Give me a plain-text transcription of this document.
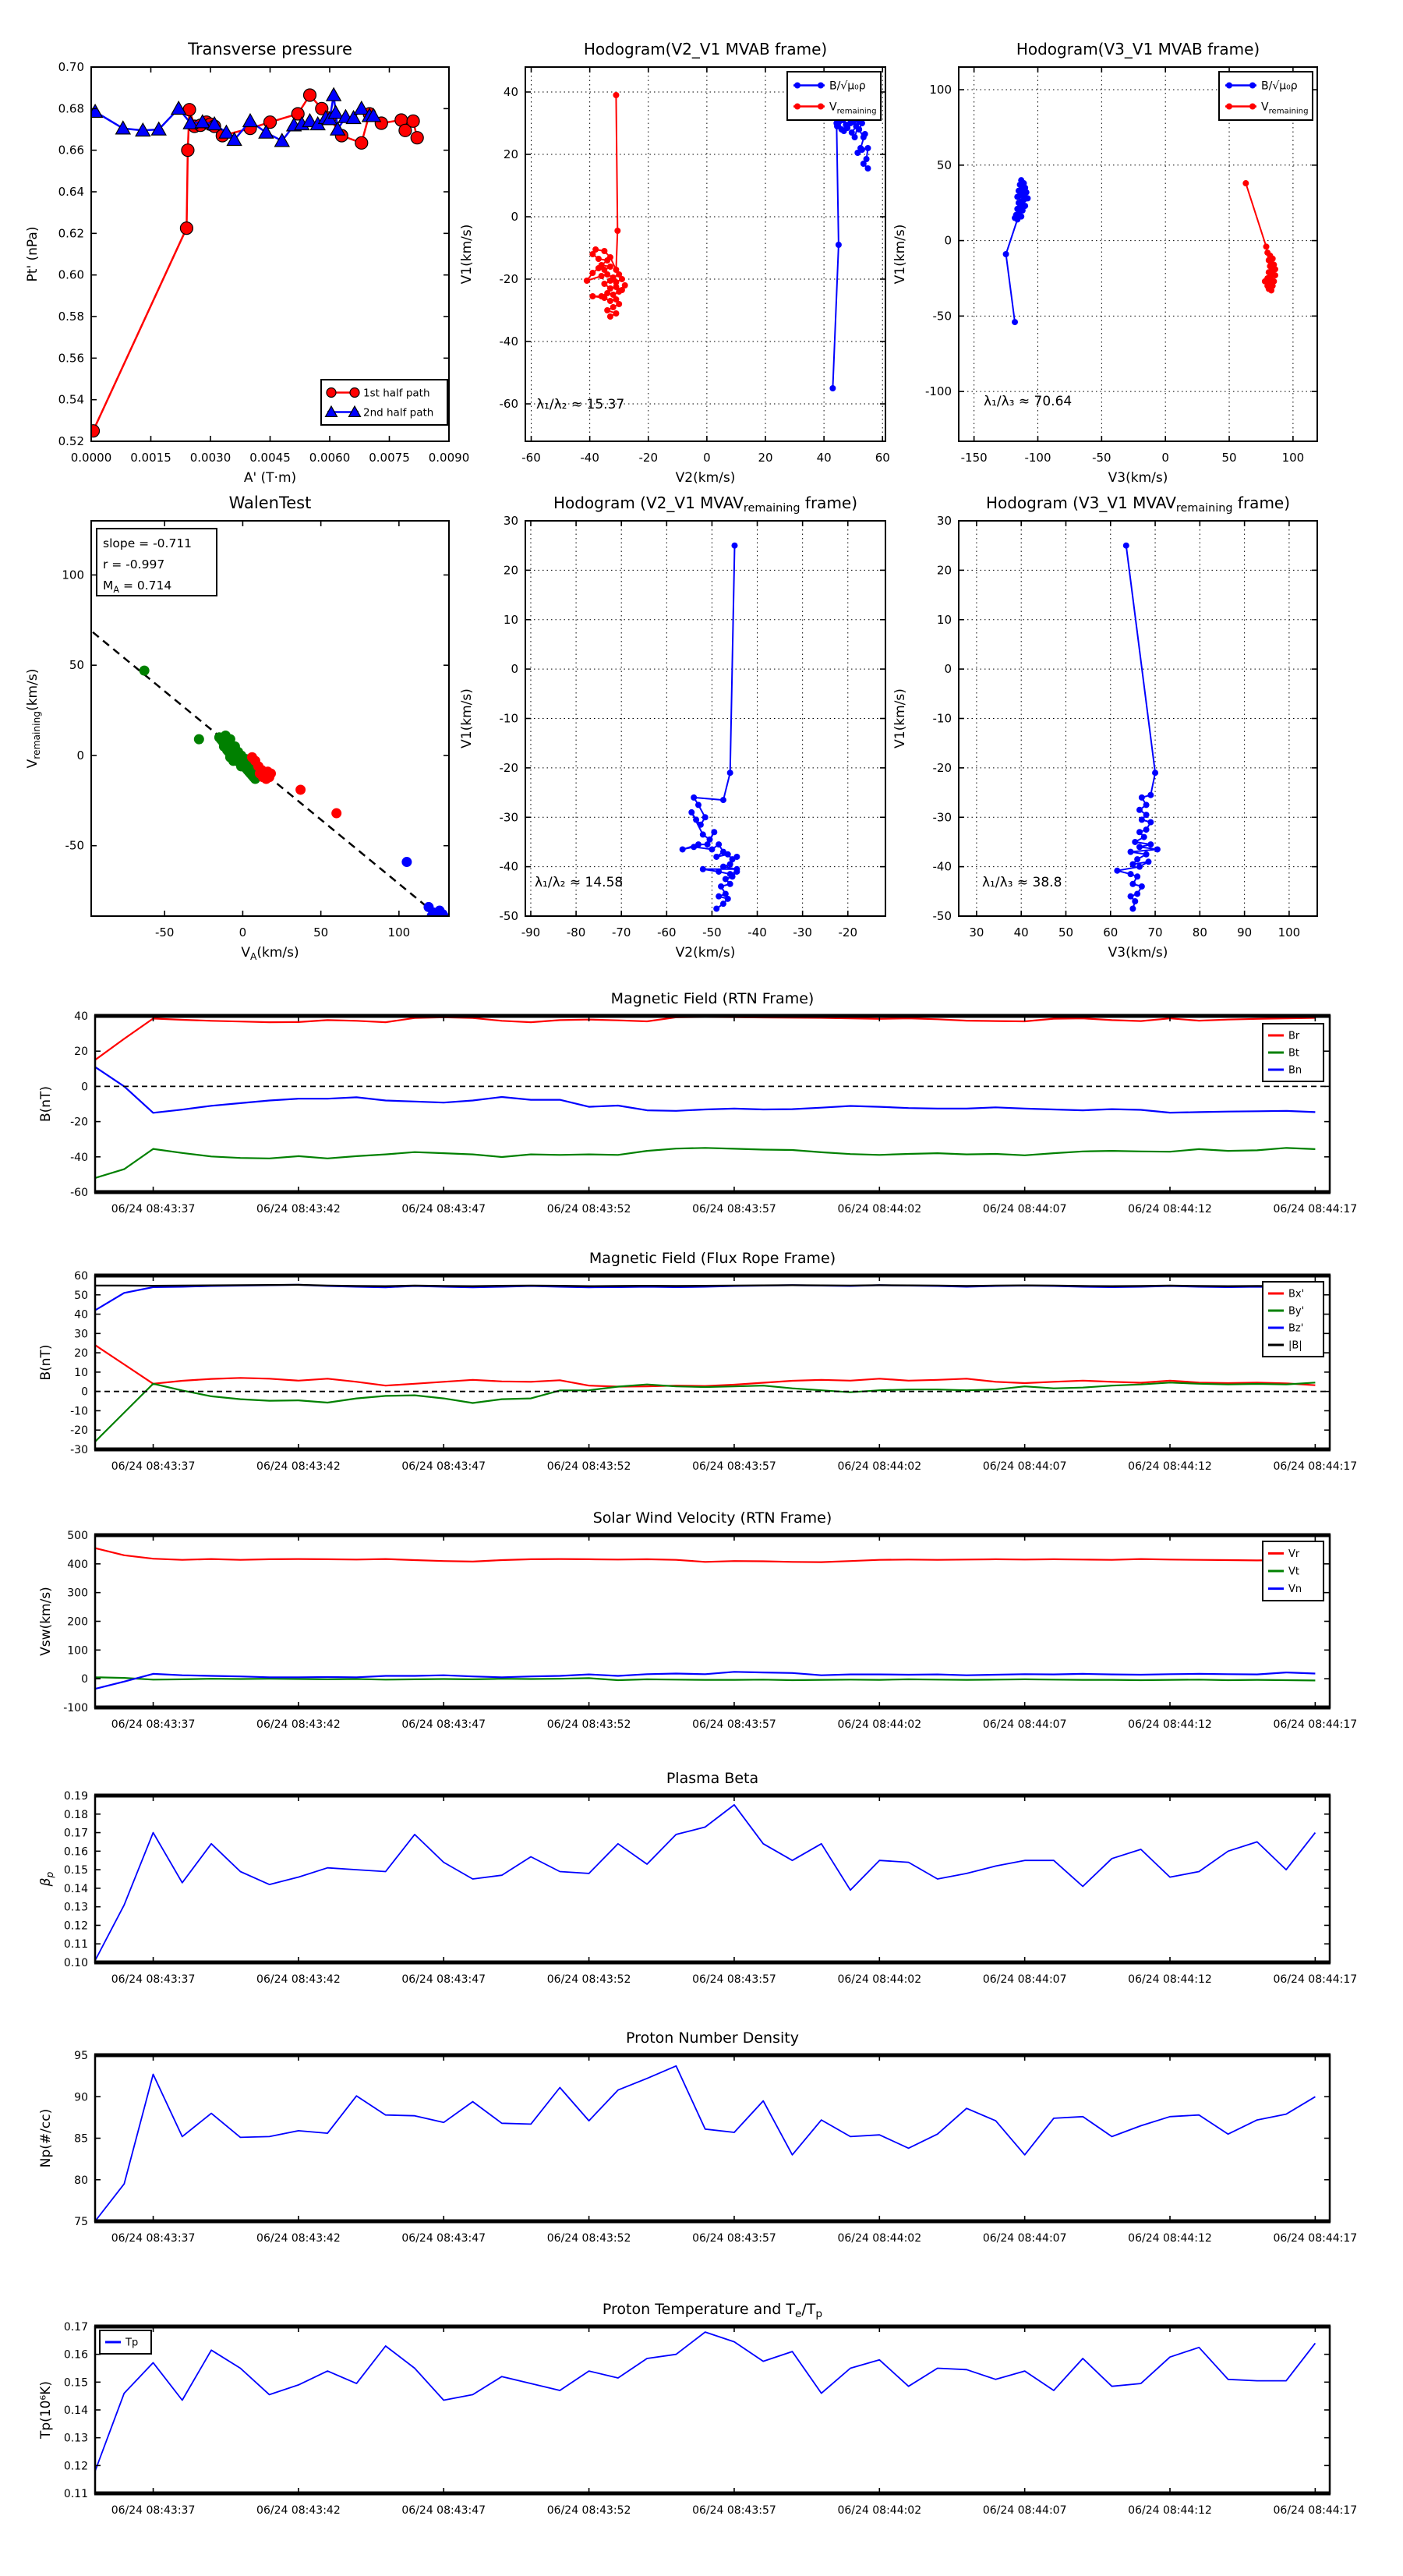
0.0000 0.0015 0.0030 0.0045 0.0060 0.0075 0.0090
0.52
0.54
0.56
0.58
0.60
0.62
0.64
0.66
0.68
0.70
Transverse pressure
A' (T·m)
Pt' (nPa)
1st half path
2nd half path
-60	-40	-20	0	20	40	60
-60
-40
-20
0
20
40
Hodogram(V2_V1 MVAB frame)
V2(km/s)
V1(km/s)
λ₁/λ₂ ≈ 15.37
B/√μ₀ρ
$V_{remaining}$
-150	-100	-50	0	50	100
-100
-50
0
50
100
Hodogram(V3_V1 MVAB frame)
V3(km/s)
V1(km/s)
λ₁/λ₃ ≈ 70.64
B/√μ₀ρ
$V_{remaining}$
-50	0	50	100
-50
0
50
100
WalenTest
$V_A(km/s)$
$V_{remaining}(km/s)$
slope = -0.711
r = -0.997
$M_A = 0.714$
-90 -80 -70 -60 -50 -40 -30 -20
-50
-40
-30
-20
-10
0
10
20
30
Hodogram (V2_V1 $MVAV_{remaining}$ frame)
V2(km/s)
V1(km/s)
λ₁/λ₂ ≈ 14.58
30	40	50	60	70	80	90 100
-50
-40
-30
-20
-10
0
10
20
30
Hodogram (V3_V1 $MVAV_{remaining}$ frame)
V3(km/s)
V1(km/s)
λ₁/λ₃ ≈ 38.8
06/24 08:43:37	06/24 08:43:42	06/24 08:43:47	06/24 08:43:52	06/24 08:43:57	06/24 08:44:02	06/24 08:44:07	06/24 08:44:12	06/24 08:44:17
-60
-40
-20
0
20
40
Magnetic Field (RTN Frame)
B(nT)
Br
Bt
Bn
06/24 08:43:37	06/24 08:43:42	06/24 08:43:47	06/24 08:43:52	06/24 08:43:57	06/24 08:44:02	06/24 08:44:07	06/24 08:44:12	06/24 08:44:17
-30
-20
-10
0
10
20
30
40
50
60
Magnetic Field (Flux Rope Frame)
B(nT)
Bx'
By'
Bz'
|B|
06/24 08:43:37	06/24 08:43:42	06/24 08:43:47	06/24 08:43:52	06/24 08:43:57	06/24 08:44:02	06/24 08:44:07	06/24 08:44:12	06/24 08:44:17
-100
0
100
200
300
400
500
Solar Wind Velocity (RTN Frame)
Vsw(km/s)
Vr
Vt
Vn
06/24 08:43:37	06/24 08:43:42	06/24 08:43:47	06/24 08:43:52	06/24 08:43:57	06/24 08:44:02	06/24 08:44:07	06/24 08:44:12	06/24 08:44:17
0.10
0.11
0.12
0.13
0.14
0.15
0.16
0.17
0.18
0.19
Plasma Beta
$\beta_p$
06/24 08:43:37	06/24 08:43:42	06/24 08:43:47	06/24 08:43:52	06/24 08:43:57	06/24 08:44:02	06/24 08:44:07	06/24 08:44:12	06/24 08:44:17
75
80
85
90
95
Proton Number Density
Np(#/cc)
06/24 08:43:37	06/24 08:43:42	06/24 08:43:47	06/24 08:43:52	06/24 08:43:57	06/24 08:44:02	06/24 08:44:07	06/24 08:44:12	06/24 08:44:17
0.11
0.12
0.13
0.14
0.15
0.16
0.17
Proton Temperature and $T_e/T_p$
Tp(10⁶K)
Tp
